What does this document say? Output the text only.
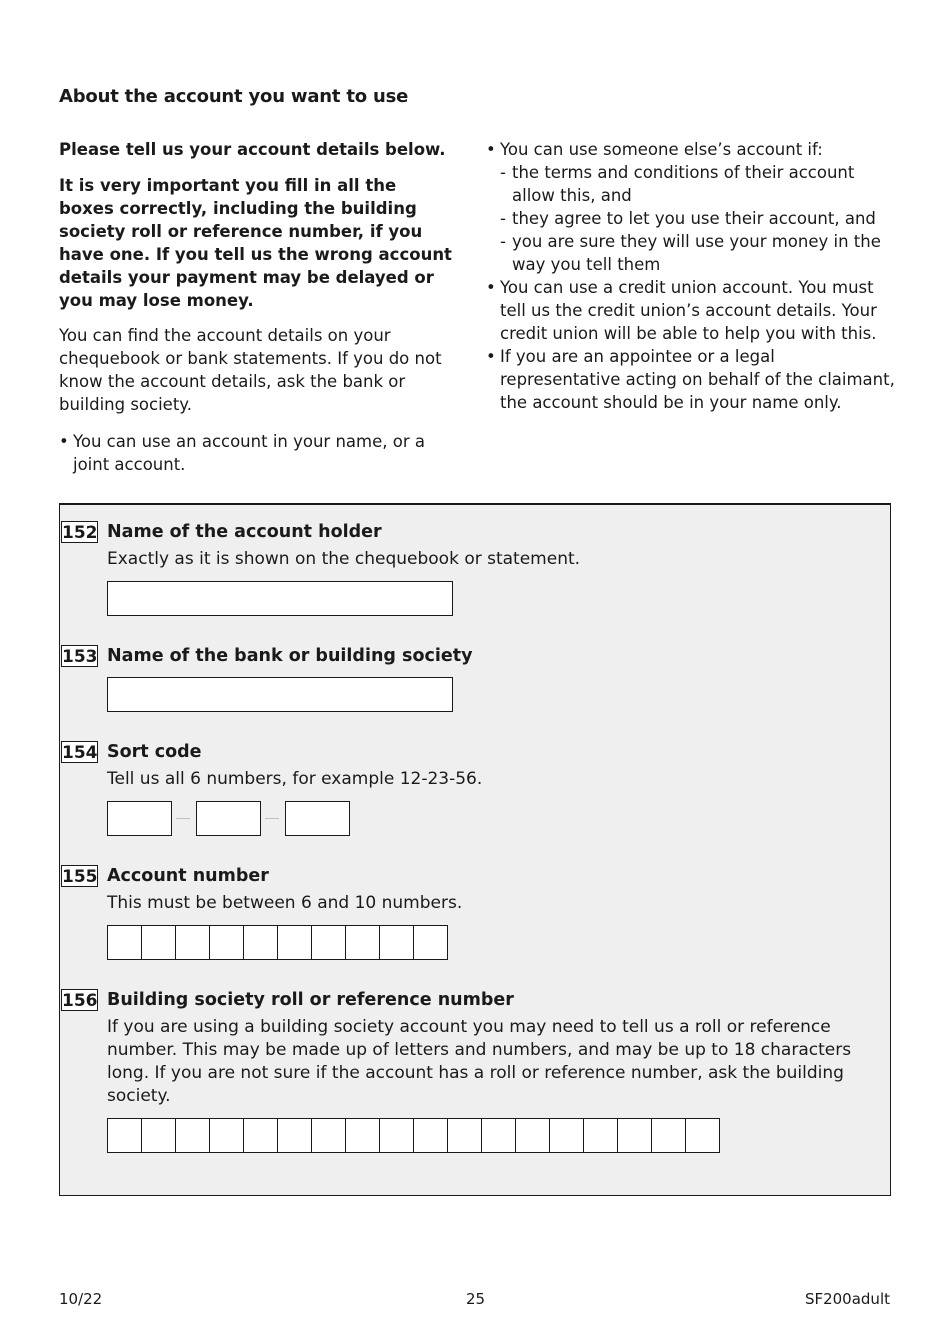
About the account you want to use

Please tell us your account details below.

It is very important you fill in all the boxes correctly, including the building society roll or reference number, if you have one. If you tell us the wrong account details your payment may be delayed or you may lose money.

You can find the account details on your chequebook or bank statements. If you do not know the account details, ask the bank or building society.

• You can use an account in your name, or a joint account.
• You can use someone else’s account if:
- the terms and conditions of their account allow this, and
- they agree to let you use their account, and
- you are sure they will use your money in the way you tell them
• You can use a credit union account. You must tell us the credit union’s account details. Your credit union will be able to help you with this.
• If you are an appointee or a legal representative acting on behalf of the claimant, the account should be in your name only.
152 Name of the account holder
Exactly as it is shown on the chequebook or statement.
153 Name of the bank or building society
154 Sort code
Tell us all 6 numbers, for example 12-23-56.
155 Account number
This must be between 6 and 10 numbers.
156 Building society roll or reference number
If you are using a building society account you may need to tell us a roll or reference number. This may be made up of letters and numbers, and may be up to 18 characters long. If you are not sure if the account has a roll or reference number, ask the building society.
10/22	25	SF200adult
